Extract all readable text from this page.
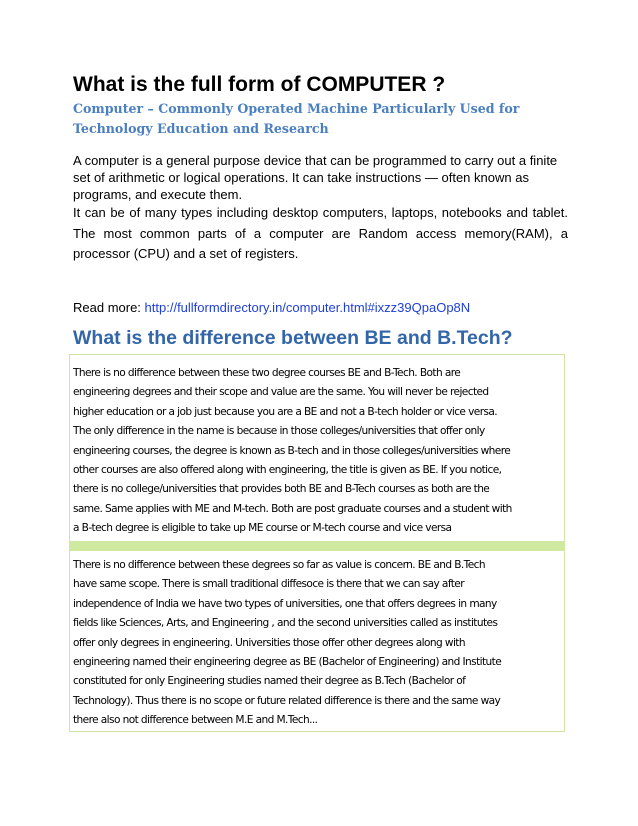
What is the full form of COMPUTER ?
Computer – Commonly Operated Machine Particularly Used for Technology Education and Research
A computer is a general purpose device that can be programmed to carry out a finite set of arithmetic or logical operations. It can take instructions — often known as programs, and execute them.
It can be of many types including desktop computers, laptops, notebooks and tablet. The most common parts of a computer are Random access memory(RAM), a processor (CPU) and a set of registers.
Read more: http://fullformdirectory.in/computer.html#ixzz39QpaOp8N
What is the difference between BE and B.Tech?
There is no difference between these two degree courses BE and B-Tech. Both are
engineering degrees and their scope and value are the same. You will never be rejected
higher education or a job just because you are a BE and not a B-tech holder or vice versa.
The only difference in the name is because in those colleges/universities that offer only
engineering courses, the degree is known as B-tech and in those colleges/universities where
other courses are also offered along with engineering, the title is given as BE. If you notice,
there is no college/universities that provides both BE and B-Tech courses as both are the
same. Same applies with ME and M-tech. Both are post graduate courses and a student with
a B-tech degree is eligible to take up ME course or M-tech course and vice versa
There is no difference between these degrees so far as value is concern. BE and B.Tech
have same scope. There is small traditional diffesoce is there that we can say after
independence of India we have two types of universities, one that offers degrees in many
fields like Sciences, Arts, and Engineering , and the second universities called as institutes
offer only degrees in engineering. Universities those offer other degrees along with
engineering named their engineering degree as BE (Bachelor of Engineering) and Institute
constituted for only Engineering studies named their degree as B.Tech (Bachelor of
Technology). Thus there is no scope or future related difference is there and the same way
there also not difference between M.E and M.Tech...
